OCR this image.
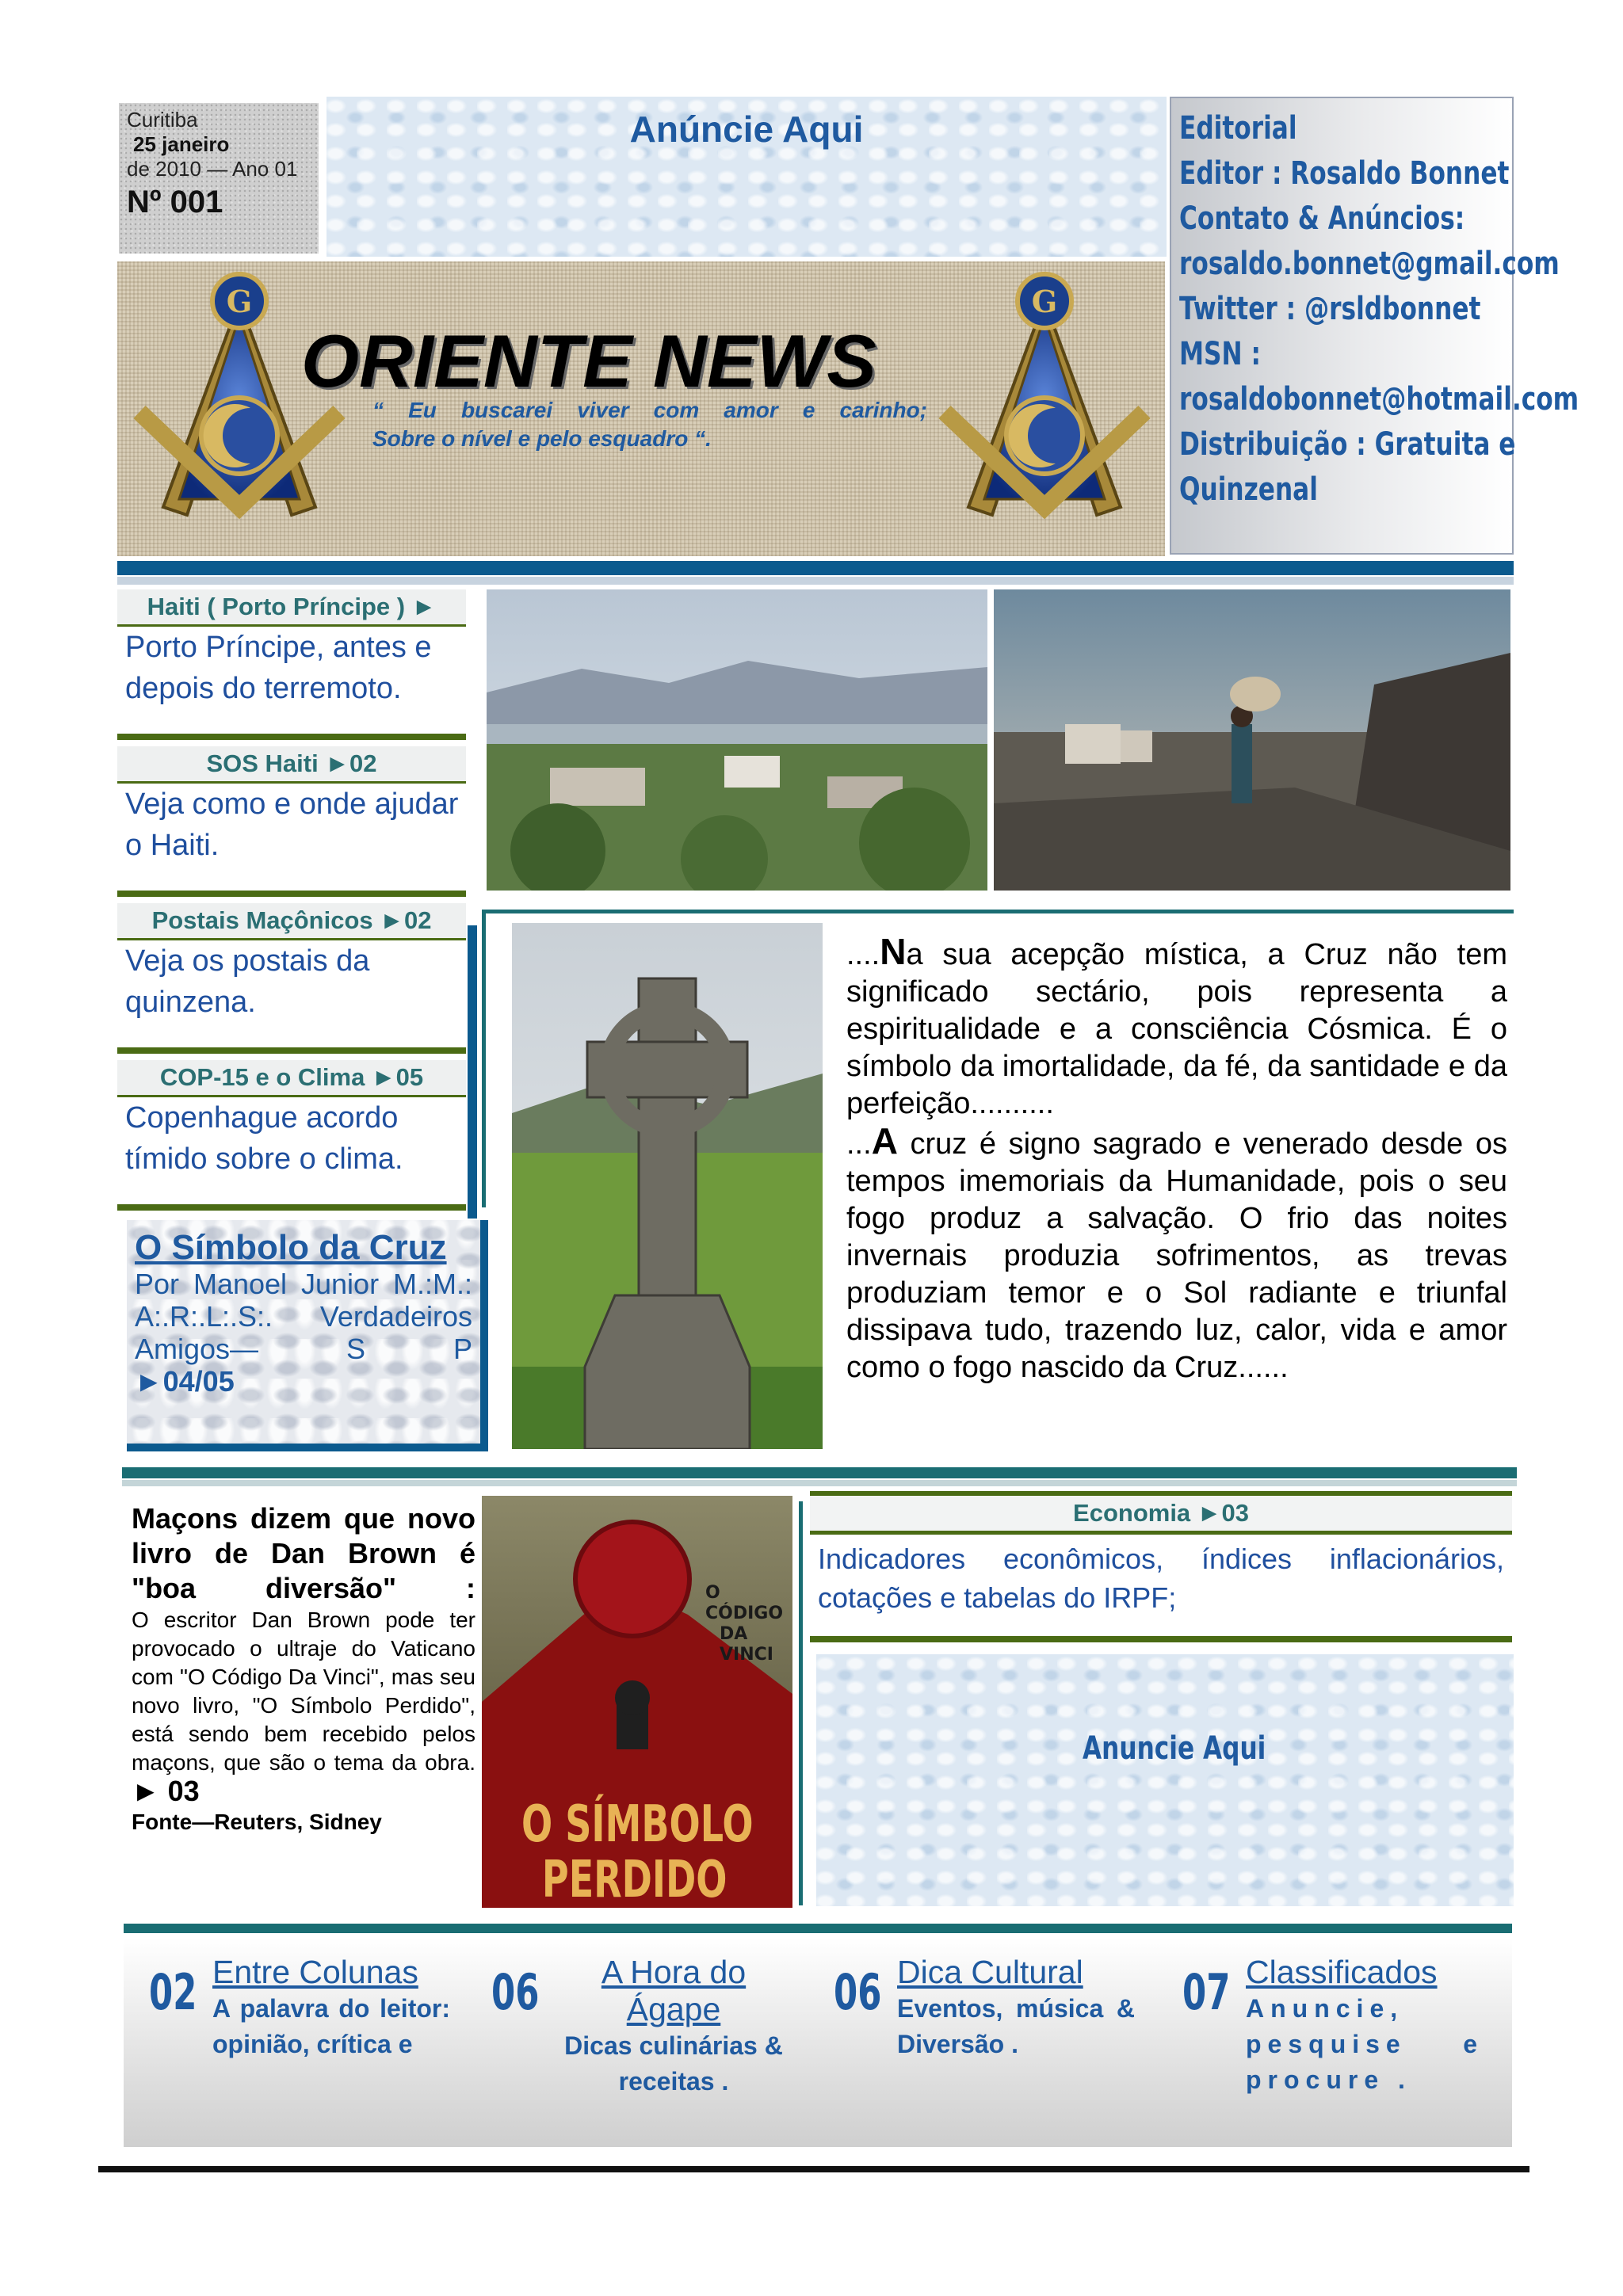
Curitiba
25 janeiro
de 2010 — Ano 01
Nº 001
Anúncie Aqui	Editorial
Editor : Rosaldo Bonnet
Contato & Anúncios:
rosaldo.bonnet@gmail.com
Twitter : @rsldbonnet
MSN :
rosaldobonnet@hotmail.com
Distribuição : Gratuita e
Quinzenal
G	G
ORIENTE NEWS
“ Eu buscarei viver com amor e carinho;
Sobre o nível e pelo esquadro “.
Haiti ( Porto Príncipe ) ►
Porto Príncipe, antes e depois do terremoto.
SOS Haiti ►02
Veja como e onde ajudar o Haiti.
Postais Maçônicos ►02
Veja os postais da quinzena.
COP-15 e o Clima ►05
Copenhague acordo tímido sobre o clima.

....Na sua acepção mística, a Cruz não tem significado sectário, pois representa a espiritualidade e a consciência Cósmica. É o símbolo da imortalidade, da fé, da santidade e da perfeição..........

...A cruz é signo sagrado e venerado desde os tempos imemoriais da Humanidade, pois o seu fogo produz a salvação. O frio das noites invernais produzia sofrimentos, as trevas produziam temor e o Sol radiante e triunfal dissipava tudo, trazendo luz, calor, vida e amor como o fogo nascido da Cruz......

O Símbolo da Cruz
Por Manoel Junior M.:M.: A:.R:.L:.S:. Verdadeiros Amigos— S P
►04/05
Maçons dizem que novo livro de Dan Brown é "boa diversão" :
O escritor Dan Brown pode ter provocado o ultraje do Vaticano com "O Código Da Vinci", mas seu novo livro, "O Símbolo Perdido", está sendo bem recebido pelos maçons, que são o tema da obra. ► 03
Fonte—Reuters, Sidney
O CÓDIGO
DA VINCI
O SÍMBOLO
PERDIDO
Economia ►03
Indicadores econômicos, índices inflacionários, cotações e tabelas do IRPF;
Anuncie Aqui
02 Entre Colunas
A palavra do leitor: opinião, crítica e
06	A Hora do Ágape
Dicas culinárias & receitas .
06 Dica Cultural
Eventos, música & Diversão .
07 Classificados
Anuncie, pesquise e procure .
